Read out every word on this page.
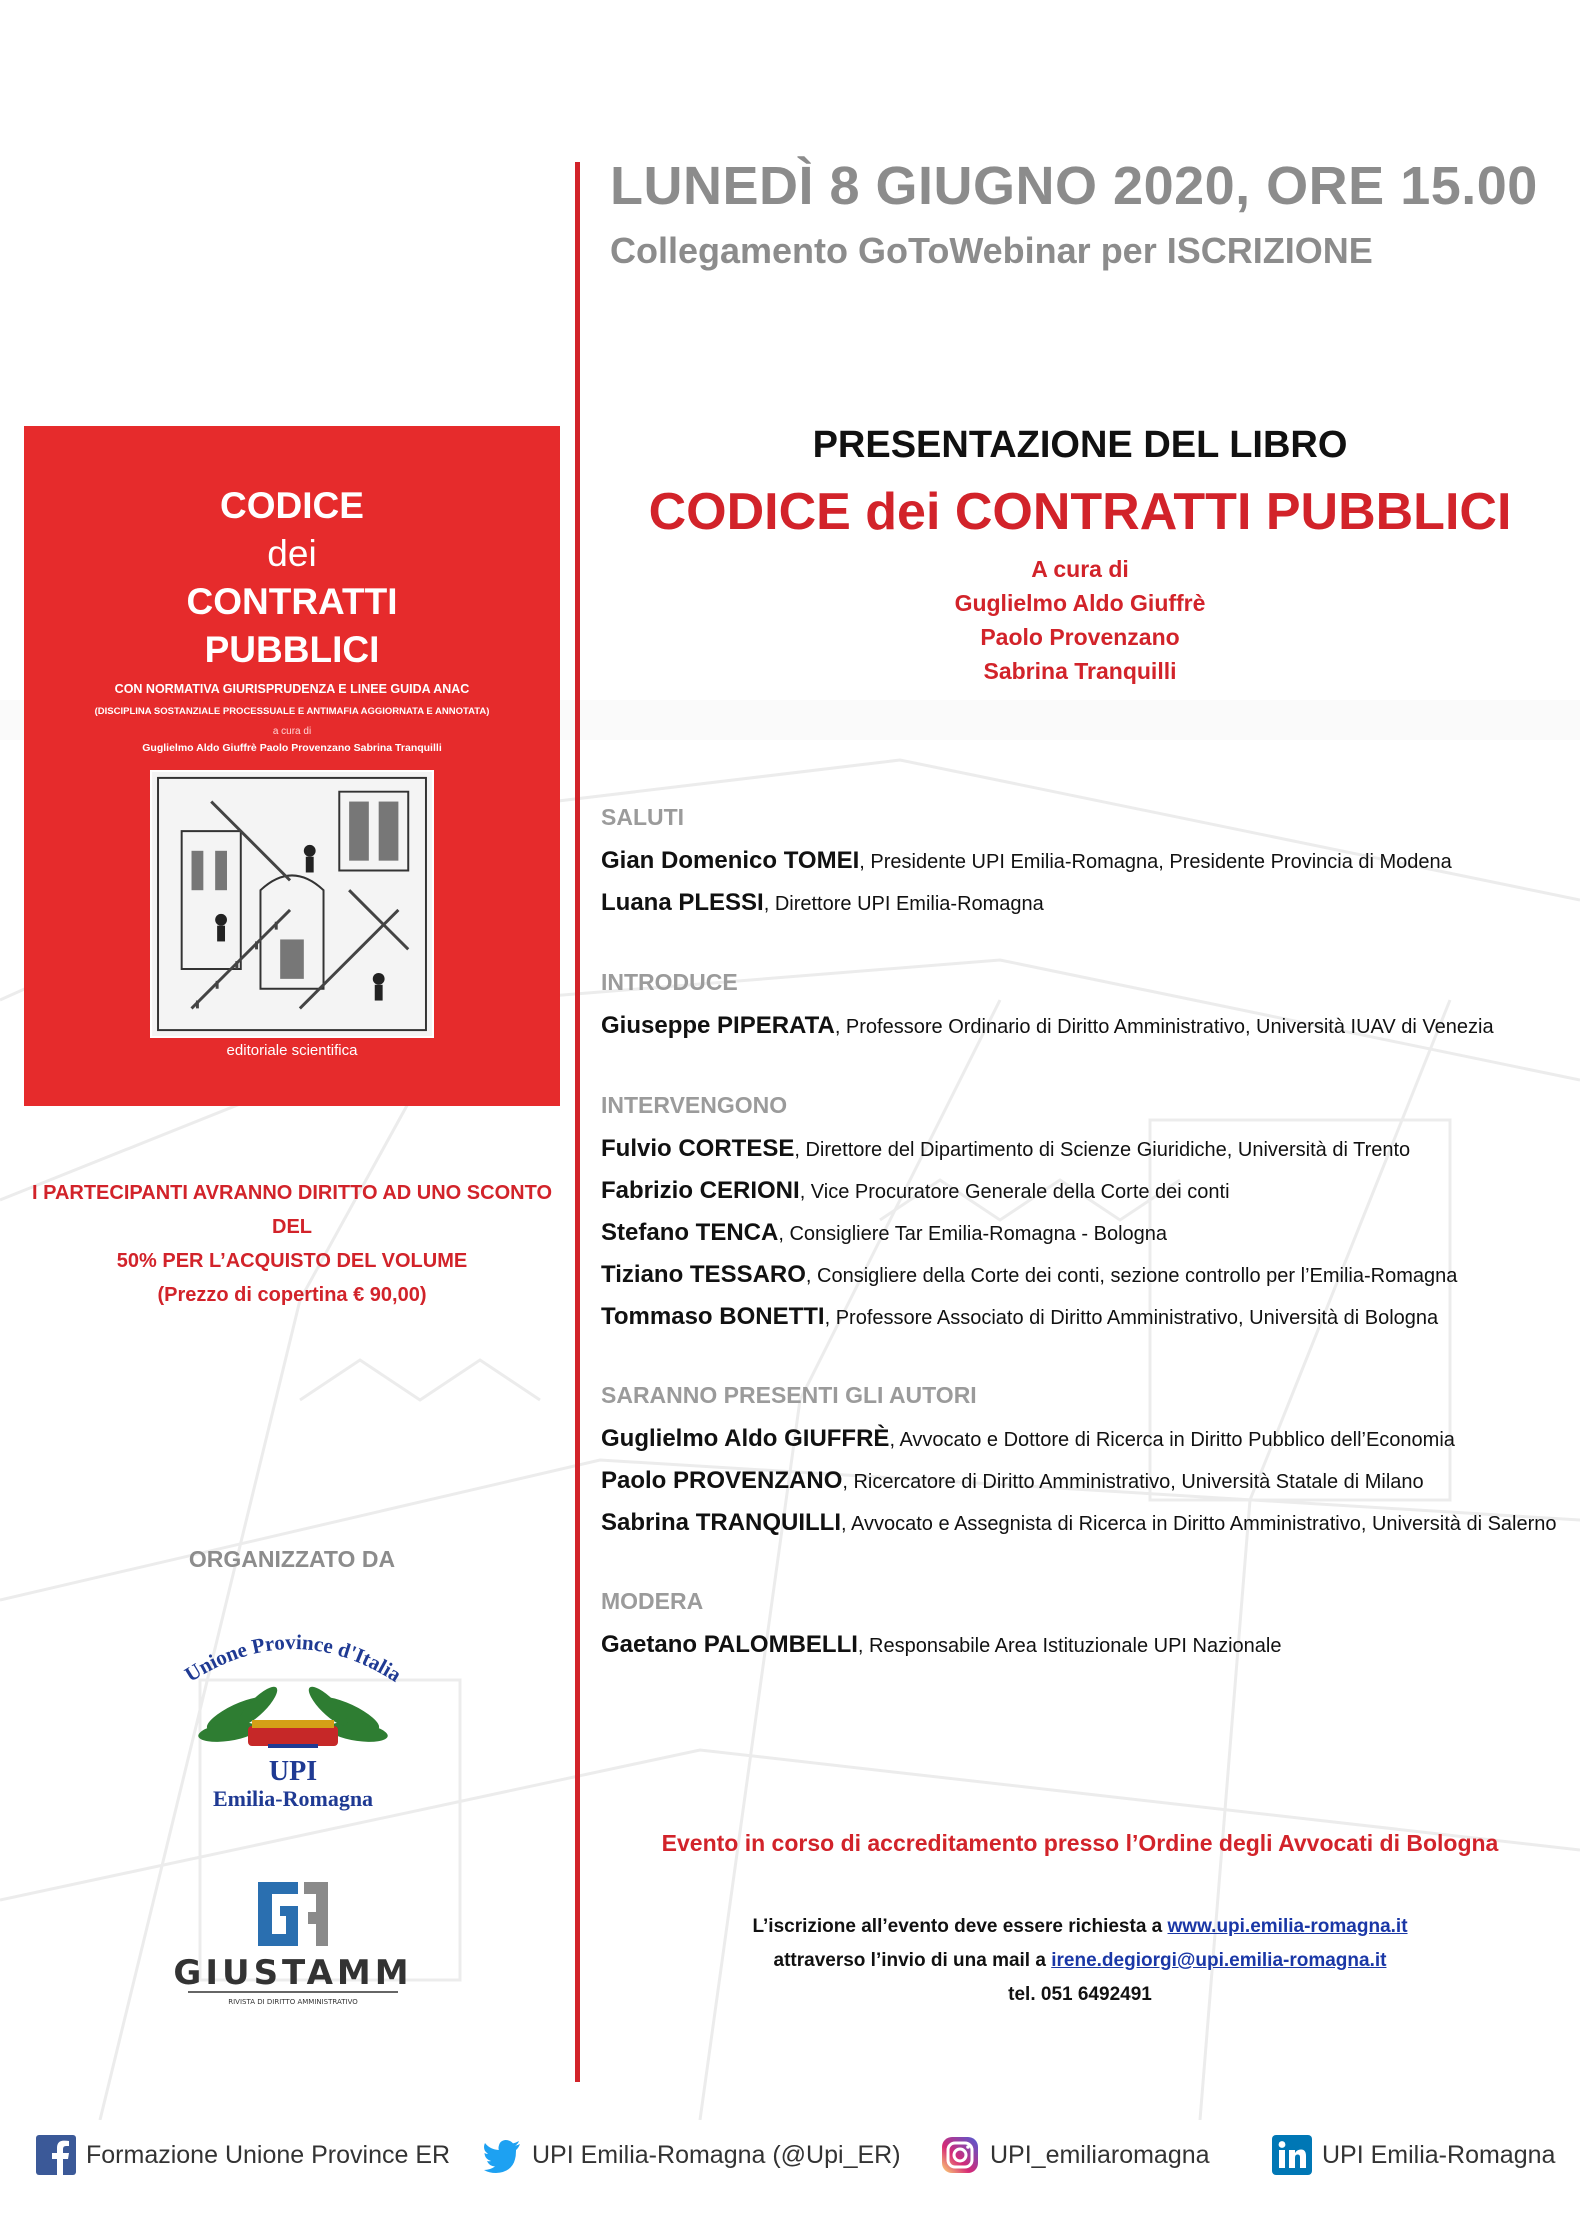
LUNEDÌ 8 GIUGNO 2020, ORE 15.00
Collegamento GoToWebinar per ISCRIZIONE
CODICE
dei
CONTRATTI
PUBBLICI
CON NORMATIVA GIURISPRUDENZA E LINEE GUIDA ANAC
(DISCIPLINA SOSTANZIALE PROCESSUALE E ANTIMAFIA AGGIORNATA E ANNOTATA)
a cura di
Guglielmo Aldo Giuffrè Paolo Provenzano Sabrina Tranquilli
editoriale scientifica
I PARTECIPANTI AVRANNO DIRITTO AD UNO SCONTO DEL
50% PER L’ACQUISTO DEL VOLUME
(Prezzo di copertina € 90,00)
ORGANIZZATO DA
Unione Province d'Italia
UPI
Emilia-Romagna
GIUSTAMM
RIVISTA DI DIRITTO AMMINISTRATIVO
PRESENTAZIONE DEL LIBRO
CODICE dei CONTRATTI PUBBLICI
A cura di
Guglielmo Aldo Giuffrè
Paolo Provenzano
Sabrina Tranquilli
SALUTI
Gian Domenico TOMEI, Presidente UPI Emilia-Romagna, Presidente Provincia di Modena
Luana PLESSI, Direttore UPI Emilia-Romagna
INTRODUCE
Giuseppe PIPERATA, Professore Ordinario di Diritto Amministrativo, Università IUAV di Venezia
INTERVENGONO
Fulvio CORTESE, Direttore del Dipartimento di Scienze Giuridiche, Università di Trento
Fabrizio CERIONI, Vice Procuratore Generale della Corte dei conti
Stefano TENCA, Consigliere Tar Emilia-Romagna - Bologna
Tiziano TESSARO, Consigliere della Corte dei conti, sezione controllo per l’Emilia-Romagna
Tommaso BONETTI, Professore Associato di Diritto Amministrativo, Università di Bologna
SARANNO PRESENTI GLI AUTORI
Guglielmo Aldo GIUFFRÈ, Avvocato e Dottore di Ricerca in Diritto Pubblico dell’Economia
Paolo PROVENZANO, Ricercatore di Diritto Amministrativo, Università Statale di Milano
Sabrina TRANQUILLI, Avvocato e Assegnista di Ricerca in Diritto Amministrativo, Università di Salerno
MODERA
Gaetano PALOMBELLI, Responsabile Area Istituzionale UPI Nazionale
Evento in corso di accreditamento presso l’Ordine degli Avvocati di Bologna
L’iscrizione all’evento deve essere richiesta a www.upi.emilia-romagna.it
attraverso l’invio di una mail a irene.degiorgi@upi.emilia-romagna.it
tel. 051 6492491
Formazione Unione Province ER	UPI Emilia-Romagna (@Upi_ER)	UPI_emiliaromagna	UPI Emilia-Romagna
